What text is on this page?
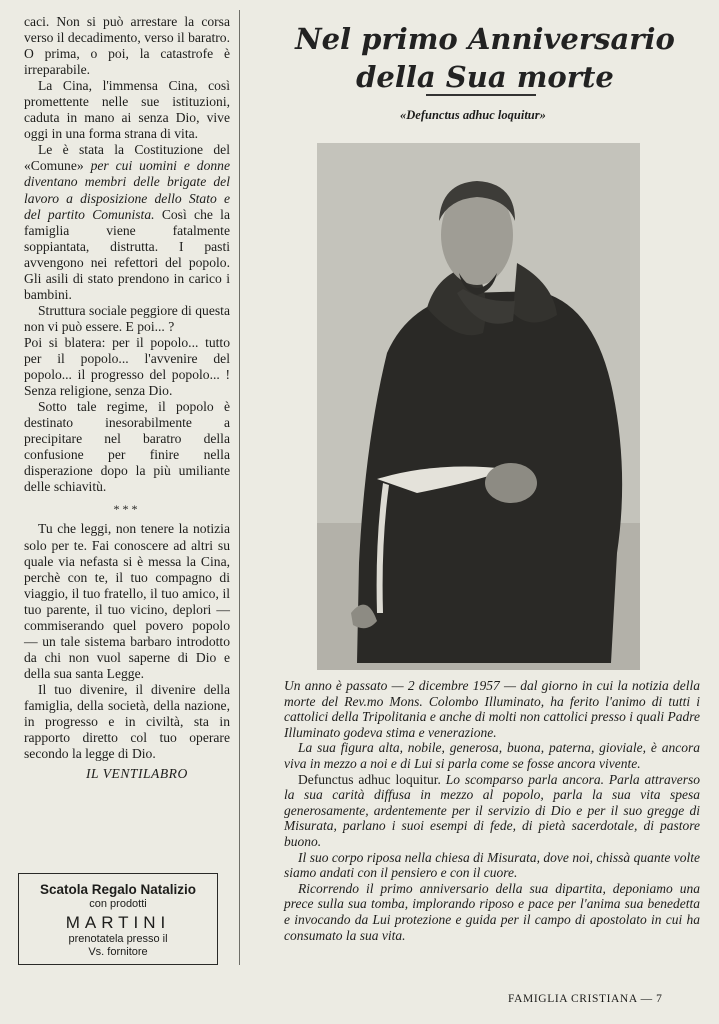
caci. Non si può arrestare la corsa verso il decadimento, verso il baratro. O prima, o poi, la catastrofe è irreparabile.

La Cina, l'immensa Cina, così promettente nelle sue istituzioni, caduta in mano ai senza Dio, vive oggi in una forma strana di vita.

Le è stata la Costituzione del «Comune» per cui uomini e donne diventano membri delle brigate del lavoro a disposizione dello Stato e del partito Comunista. Così che la famiglia viene fatalmente soppiantata, distrutta. I pasti avvengono nei refettori del popolo. Gli asili di stato prendono in carico i bambini.

Struttura sociale peggiore di questa non vi può essere. E poi... ?

Poi si blatera: per il popolo... tutto per il popolo... l'avvenire del popolo... il progresso del popolo... ! Senza religione, senza Dio.

Sotto tale regime, il popolo è destinato inesorabilmente a precipitare nel baratro della confusione per finire nella disperazione dopo la più umiliante delle schiavitù.

***

Tu che leggi, non tenere la notizia solo per te. Fai conoscere ad altri su quale via nefasta si è messa la Cina, perchè con te, il tuo compagno di viaggio, il tuo fratello, il tuo amico, il tuo parente, il tuo vicino, deplori — commiserando quel povero popolo — un tale sistema barbaro introdotto da chi non vuol saperne di Dio e della sua santa Legge.

Il tuo divenire, il divenire della famiglia, della società, della nazione, in progresso e in civiltà, sta in rapporto diretto col tuo operare secondo la legge di Dio.

IL VENTILABRO
Scatola Regalo Natalizio
con prodotti
MARTINI
prenotatela presso il
Vs. fornitore
Nel primo Anniversario
della Sua morte
«Defunctus adhuc loquitur»

Un anno è passato — 2 dicembre 1957 — dal giorno in cui la notizia della morte del Rev.mo Mons. Colombo Illuminato, ha ferito l'animo di tutti i cattolici della Tripolitania e anche di molti non cattolici presso i quali Padre Illuminato godeva stima e venerazione.

La sua figura alta, nobile, generosa, buona, paterna, gioviale, è ancora viva in mezzo a noi e di Lui si parla come se fosse ancora vivente.

Defunctus adhuc loquitur. Lo scomparso parla ancora. Parla attraverso la sua carità diffusa in mezzo al popolo, parla la sua vita spesa generosamente, ardentemente per il servizio di Dio e per il suo gregge di Misurata, parlano i suoi esempi di fede, di pietà sacerdotale, di pastore buono.

Il suo corpo riposa nella chiesa di Misurata, dove noi, chissà quante volte siamo andati con il pensiero e con il cuore.

Ricorrendo il primo anniversario della sua dipartita, deponiamo una prece sulla sua tomba, implorando riposo e pace per l'anima sua benedetta e invocando da Lui protezione e guida per il campo di apostolato in cui ha consumato la sua vita.

FAMIGLIA CRISTIANA — 7
